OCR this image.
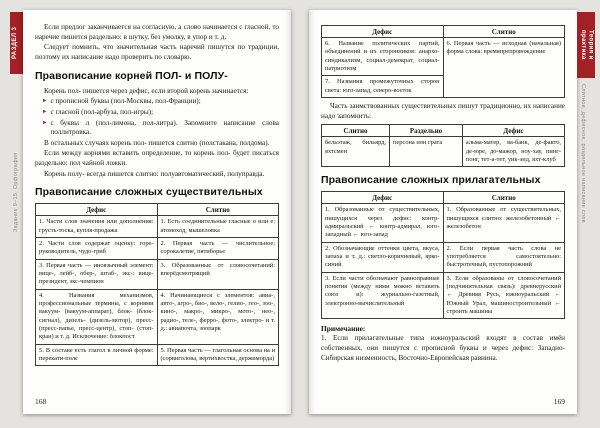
РАЗДЕЛ 3
Задание 9–15. Орфография

Если предлог заканчивается на согласную, а слово начинается с гласной, то наречие пишется раздельно: в шутку, без умолку, в упор и т. д.

Следует помнить, что значительная часть наречий пишутся по традиции, поэтому их написание надо проверить по словарю.

Правописание корней ПОЛ- и ПОЛУ-

Корень пол- пишется через дефис, если второй корень начинается:

► с прописной буквы (пол-Москвы, пол-Франции);
► с гласной (пол-арбуза, пол-игры);
► с буквы л (пол-лимона, пол-литра). Запомните написание слова поллитровка.

В остальных случаях корень пол- пишется слитно (полстакана, полдома).

Если между корнями вставить определение, то корень пол- будет писаться раздельно: пол чайной ложки.

Корень полу- всегда пишется слитно: полуавтоматический, полуправда.

Правописание сложных существительных
Дефис	Слитно
1. Части слов значения или дополнения: грусть-тоска, купля-продажа	1. Есть соединительные гласные о или е: атомоход, мышеловка
2. Части слов содержат оценку: горе-руководитель, чудо-гриб	2. Первая часть — числительное: сорокалетие, пятиборье
3. Первая часть — иноязычный элемент: вице-, лейб-, обер-, штаб-, экс-: вице-президент, экс-чемпион	3. Образованные от словосочетаний: вперёдсмотрящий
4. Названия механизмов, профессиональные термины, с корнями вакуум- (вакуум-аппарат), блок- (блок-сигнал), дизель- (дизель-мотор), пресс- (пресс-папье, пресс-центр), стоп- (стоп-кран) и т. д. Исключение: блокпост	4. Начинающиеся с элементов: авиа-, авто-, агро-, био-, вело-, гелио-, гео-, зоо-, кино-, макро-, микро-, мото-, нео-, радио-, теле-, ферро-, фото-, электро- и т. д.: авиапочта, зоопарк
5. В составе есть глагол в личной форме: перекати-поле	5. Первая часть — глагольная основа на и (сорвиголова, вертихвостка, держиморда)
168
Дефис	Слитно
6. Название политических партий, объединений и их сторонников: анархо-синдикализм, социал-демократ, социал-патриотизм	6. Первая часть — исходная (начальная) форма слова: времяпрепровождение
7. Названия промежуточных сторон света: юго-запад, северо-восток	

Часть заимствованных существительных пишут традиционно, их написание надо запомнить:

Слитно	Раздельно	Дефис
бельэтаж, бильярд, яхтсмен	персона нон грата	альма-матер, ва-банк, де-факто, де-юре, до-мажор, ноу-хау, пинг-понг, тет-а-тет, уик-энд, яхт-клуб
Правописание сложных прилагательных
Дефис	Слитно
1. Образованные от существительных, пишущихся через дефис: контр-адмиральский ← контр-адмирал, юго-западный ← юго-запад	1. Образованные от существительных, пишущихся слитно: железобетонный ← железобетон
2. Обозначающие оттенки цвета, вкуса, запаха и т. д.: светло-коричневый, ярко-синий	2. Если первая часть слова не употребляется самостоятельно: быстротечный, пустопорожний
3. Если части обозначают равноправные понятия (между ними можно вставить союз и): журнально-газетный, электронно-вычислительный	3. Если образованы от словосочетаний (подчинительная связь): древнерусский ← Древняя Русь, южноуральский ← Южный Урал, машиностроительный ← строить машины

Примечание:

1. Если прилагательные типа южноуральский входят в состав имён собственных, они пишутся с прописной буквы и через дефис: Западно-Сибирская низменность, Восточно-Европейская равнина.

169
Теория и практика
Слитное, дефисное, раздельное написание слов
